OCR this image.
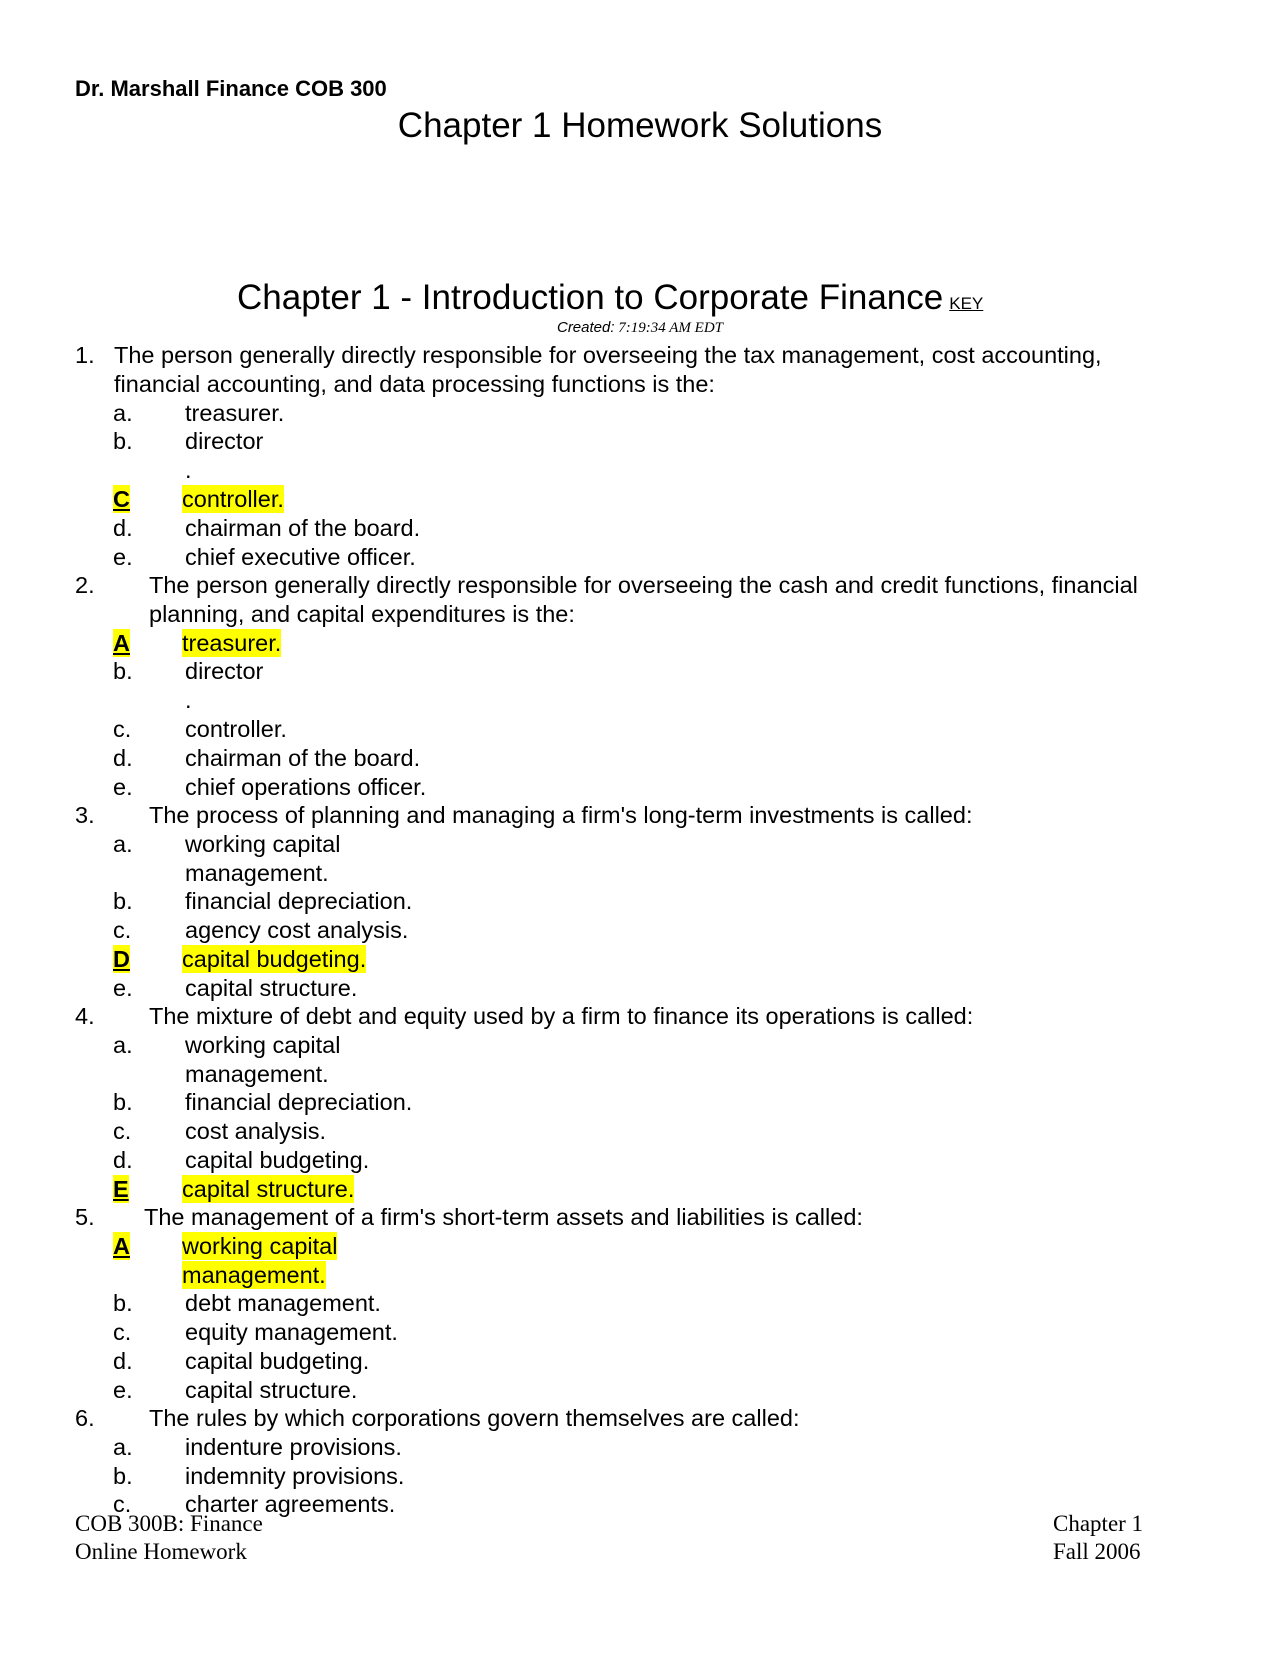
Dr. Marshall Finance COB 300
Chapter 1 Homework Solutions
Chapter 1 - Introduction to Corporate Finance KEY
Created: 7:19:34 AM EDT
1. The person generally directly responsible for overseeing the tax management, cost accounting,
financial accounting, and data processing functions is the:
a. treasurer.
b. director
.
C controller.
d. chairman of the board.
e. chief executive officer.
2. The person generally directly responsible for overseeing the cash and credit functions, financial
planning, and capital expenditures is the:
A treasurer.
b. director
.
c. controller.
d. chairman of the board.
e. chief operations officer.
3. The process of planning and managing a firm's long-term investments is called:
a. working capital
management.
b. financial depreciation.
c. agency cost analysis.
D capital budgeting.
e. capital structure.
4. The mixture of debt and equity used by a firm to finance its operations is called:
a. working capital
management.
b. financial depreciation.
c. cost analysis.
d. capital budgeting.
E capital structure.
5. The management of a firm's short-term assets and liabilities is called:
A working capital
management.
b. debt management.
c. equity management.
d. capital budgeting.
e. capital structure.
6. The rules by which corporations govern themselves are called:
a. indenture provisions.
b. indemnity provisions.
c. charter agreements.
COB 300B: Finance
Online Homework
Chapter 1
Fall 2006
